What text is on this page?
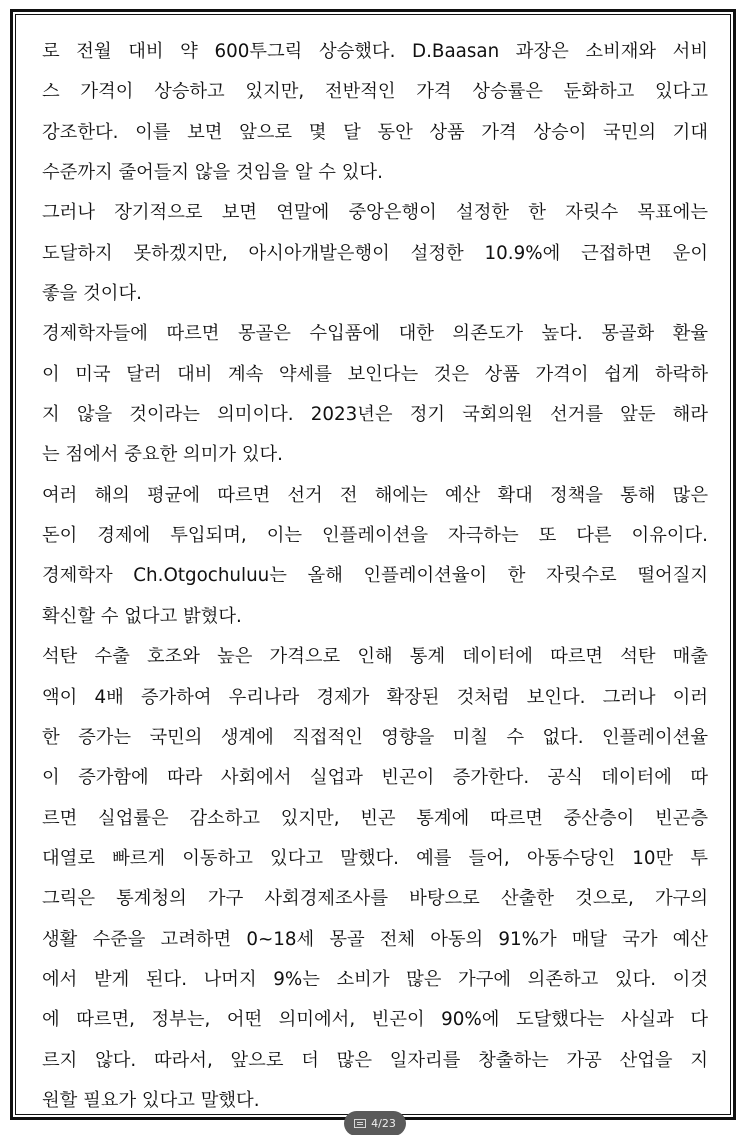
로 전월 대비 약 600투그릭 상승했다. D.Baasan 과장은 소비재와 서비
스 가격이 상승하고 있지만, 전반적인 가격 상승률은 둔화하고 있다고
강조한다. 이를 보면 앞으로 몇 달 동안 상품 가격 상승이 국민의 기대
수준까지 줄어들지 않을 것임을 알 수 있다.
그러나 장기적으로 보면 연말에 중앙은행이 설정한 한 자릿수 목표에는
도달하지 못하겠지만, 아시아개발은행이 설정한 10.9%에 근접하면 운이
좋을 것이다.
경제학자들에 따르면 몽골은 수입품에 대한 의존도가 높다. 몽골화 환율
이 미국 달러 대비 계속 약세를 보인다는 것은 상품 가격이 쉽게 하락하
지 않을 것이라는 의미이다. 2023년은 정기 국회의원 선거를 앞둔 해라
는 점에서 중요한 의미가 있다.
여러 해의 평균에 따르면 선거 전 해에는 예산 확대 정책을 통해 많은
돈이 경제에 투입되며, 이는 인플레이션을 자극하는 또 다른 이유이다.
경제학자 Ch.Otgochuluu는 올해 인플레이션율이 한 자릿수로 떨어질지
확신할 수 없다고 밝혔다.
석탄 수출 호조와 높은 가격으로 인해 통계 데이터에 따르면 석탄 매출
액이 4배 증가하여 우리나라 경제가 확장된 것처럼 보인다. 그러나 이러
한 증가는 국민의 생계에 직접적인 영향을 미칠 수 없다. 인플레이션율
이 증가함에 따라 사회에서 실업과 빈곤이 증가한다. 공식 데이터에 따
르면 실업률은 감소하고 있지만, 빈곤 통계에 따르면 중산층이 빈곤층
대열로 빠르게 이동하고 있다고 말했다. 예를 들어, 아동수당인 10만 투
그릭은 통계청의 가구 사회경제조사를 바탕으로 산출한 것으로, 가구의
생활 수준을 고려하면 0~18세 몽골 전체 아동의 91%가 매달 국가 예산
에서 받게 된다. 나머지 9%는 소비가 많은 가구에 의존하고 있다. 이것
에 따르면, 정부는, 어떤 의미에서, 빈곤이 90%에 도달했다는 사실과 다
르지 않다. 따라서, 앞으로 더 많은 일자리를 창출하는 가공 산업을 지
원할 필요가 있다고 말했다.
4/23
